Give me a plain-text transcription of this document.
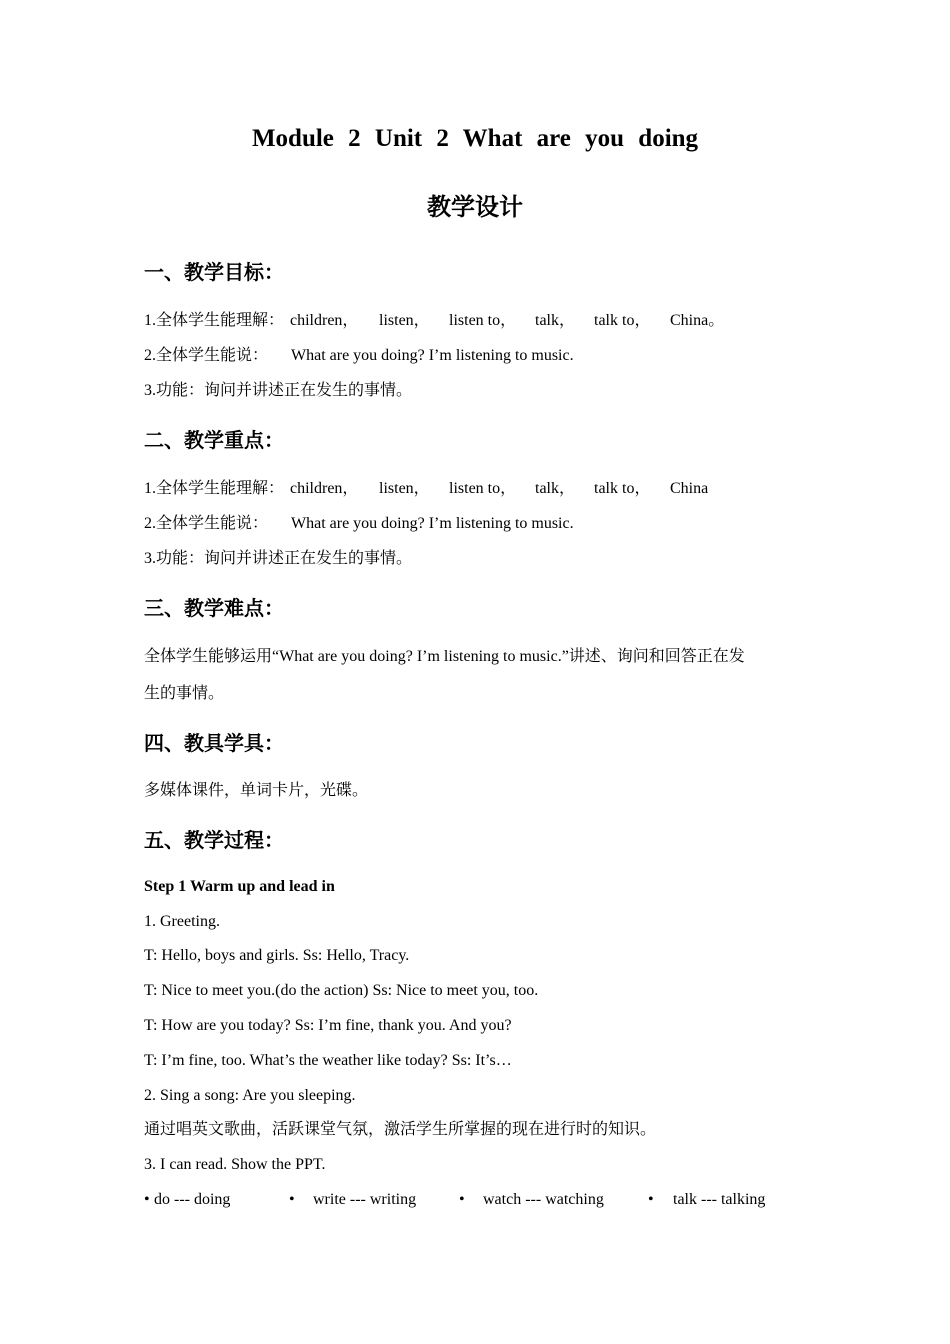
Module 2 Unit 2 What are you doing
教学设计
一、教学目标：
1.全体学生能理解： children， listen， listen to， talk， talk to， China。
2.全体学生能说： What are you doing? I’m listening to music.
3.功能：询问并讲述正在发生的事情。
二、教学重点：
1.全体学生能理解： children， listen， listen to， talk， talk to， China
2.全体学生能说： What are you doing? I’m listening to music.
3.功能：询问并讲述正在发生的事情。
三、教学难点：
全体学生能够运用“What are you doing? I’m listening to music.”讲述、询问和回答正在发
生的事情。
四、教具学具：
多媒体课件，单词卡片，光碟。
五、教学过程：
Step 1 Warm up and lead in
1. Greeting.
T: Hello, boys and girls. Ss: Hello, Tracy.
T: Nice to meet you.(do the action) Ss: Nice to meet you, too.
T: How are you today? Ss: I’m fine, thank you. And you?
T: I’m fine, too. What’s the weather like today? Ss: It’s…
2. Sing a song: Are you sleeping.
通过唱英文歌曲，活跃课堂气氛，激活学生所掌握的现在进行时的知识。
3. I can read. Show the PPT.
• do --- doing	• write --- writing	• watch --- watching	• talk --- talking
